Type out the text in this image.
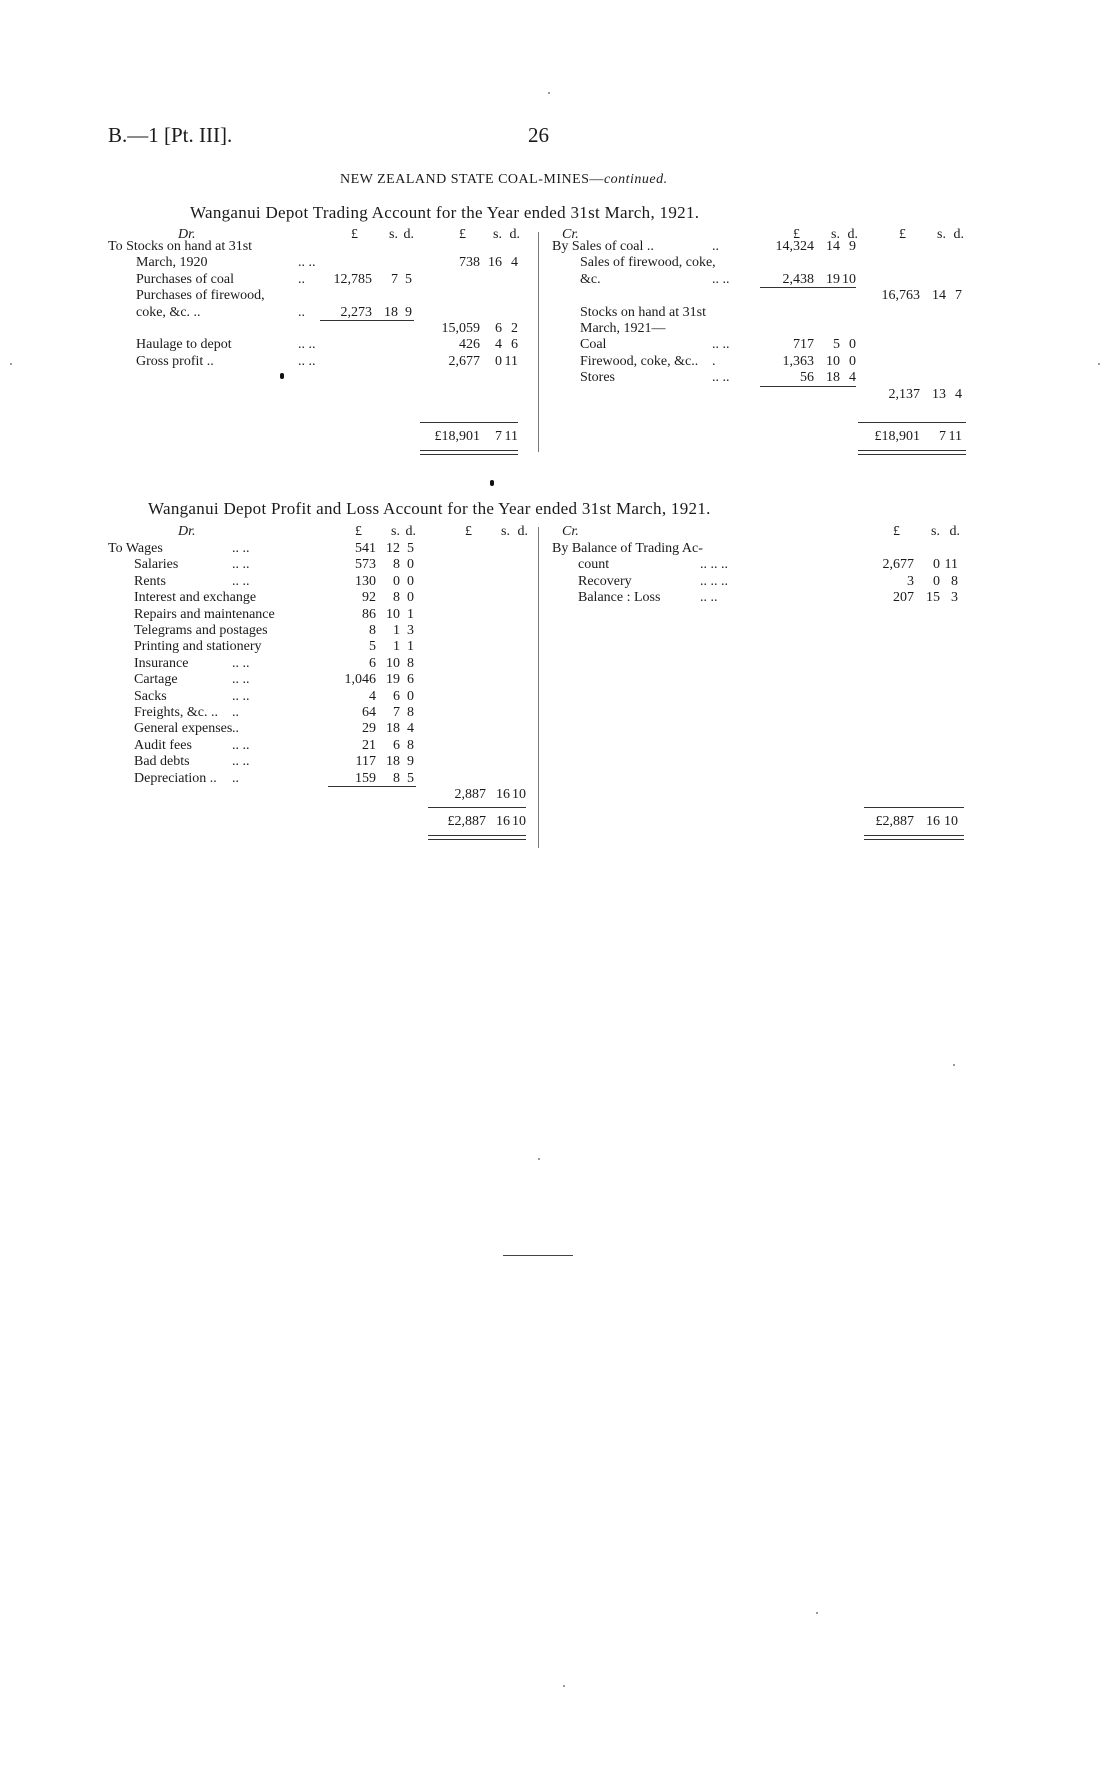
B.—1 [Pt. III].	26
NEW ZEALAND STATE COAL-MINES—continued.
Wanganui Depot Trading Account for the Year ended 31st March, 1921.
Dr.	£ s. d.	£ s. d.
To Stocks on hand at 31st
March, 1920	.. ..	738 16 4
Purchases of coal	.. 12,785 7 5
Purchases of firewood,
coke, &c. ..	..	2,273 18 9
15,059 6 2
Haulage to depot	.. ..	426 4 6
Gross profit ..	.. ..	2,677 0 11
£18,901 7 11
Cr.	£ s. d.	£ s. d.
By Sales of coal ..	..	14,324 14 9
Sales of firewood, coke,
&c.	.. ..	2,438 19 10
16,763 14 7
Stocks on hand at 31st
March, 1921—
Coal	.. ..	717 5 0
Firewood, coke, &c.. .	1,363 10 0
Stores	.. ..	56 18 4
2,137 13 4
£18,901 7 11
Wanganui Depot Profit and Loss Account for the Year ended 31st March, 1921.
Dr.	£ s. d.	£ s. d.
To Wages	.. ..	541 12 5
Salaries	.. ..	573 8 0
Rents	.. ..	130 0 0
Interest and exchange	92 8 0
Repairs and maintenance	86 10 1
Telegrams and postages	8 1 3
Printing and stationery	5 1 1
Insurance	.. ..	6 10 8
Cartage	.. ..	1,046 19 6
Sacks	.. ..	4 6 0
Freights, &c. .. ..	64 7 8
General expenses ..	29 18 4
Audit fees	.. ..	21 6 8
Bad debts	.. ..	117 18 9
Depreciation .. ..	159 8 5
2,887 16 10
£2,887 16 10
Cr.	£ s. d.
By Balance of Trading Ac-
count	.. .. ..	2,677 0 11
Recovery	.. .. ..	3 0 8
Balance : Loss	.. ..	207 15 3
£2,887 16 10
